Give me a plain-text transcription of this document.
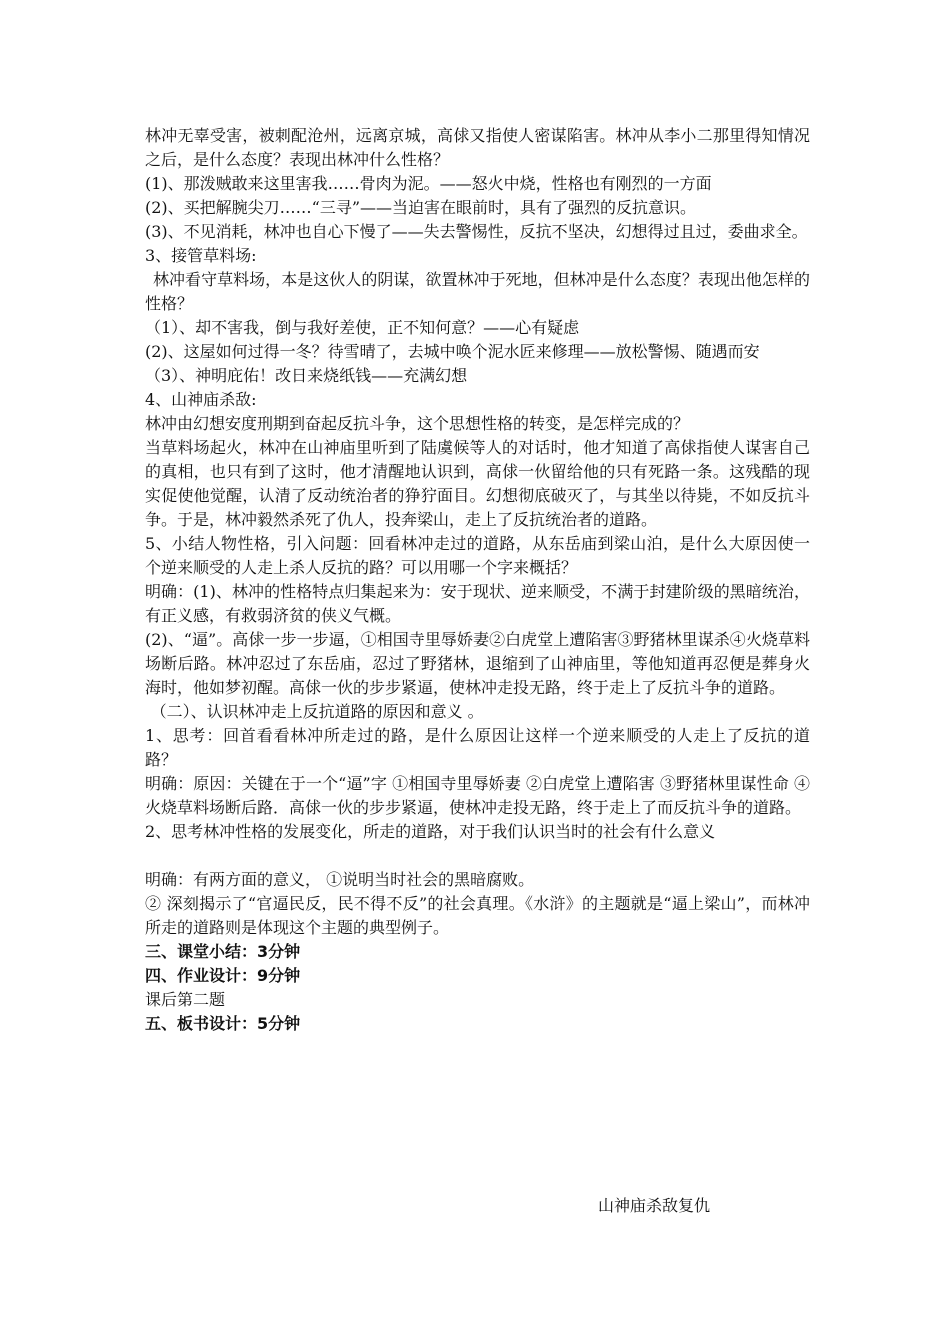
林冲无辜受害，被刺配沧州，远离京城，高俅又指使人密谋陷害。林冲从李小二那里得知情况之后，是什么态度？表现出林冲什么性格？

(1)、那泼贼敢来这里害我……骨肉为泥。——怒火中烧，性格也有刚烈的一方面

(2)、买把解腕尖刀……“三寻”——当迫害在眼前时，具有了强烈的反抗意识。

(3)、不见消耗，林冲也自心下慢了——失去警惕性，反抗不坚决，幻想得过且过，委曲求全。

3、接管草料场:

林冲看守草料场，本是这伙人的阴谋，欲置林冲于死地，但林冲是什么态度？表现出他怎样的性格？

（1）、却不害我，倒与我好差使，正不知何意？——心有疑虑

(2)、这屋如何过得一冬？待雪晴了，去城中唤个泥水匠来修理——放松警惕、随遇而安

（3）、神明庇佑！改日来烧纸钱——充满幻想

4、山神庙杀敌:

林冲由幻想安度刑期到奋起反抗斗争，这个思想性格的转变，是怎样完成的？

当草料场起火，林冲在山神庙里听到了陆虞候等人的对话时，他才知道了高俅指使人谋害自己的真相，也只有到了这时，他才清醒地认识到，高俅一伙留给他的只有死路一条。这残酷的现实促使他觉醒，认清了反动统治者的狰狞面目。幻想彻底破灭了，与其坐以待毙，不如反抗斗争。于是，林冲毅然杀死了仇人，投奔梁山，走上了反抗统治者的道路。

5、小结人物性格，引入问题：回看林冲走过的道路，从东岳庙到梁山泊，是什么大原因使一个逆来顺受的人走上杀人反抗的路？可以用哪一个字来概括？

明确：(1)、林冲的性格特点归集起来为：安于现状、逆来顺受，不满于封建阶级的黑暗统治，有正义感，有救弱济贫的侠义气概。

(2)、“逼”。高俅一步一步逼，①相国寺里辱娇妻②白虎堂上遭陷害③野猪林里谋杀④火烧草料场断后路。林冲忍过了东岳庙，忍过了野猪林，退缩到了山神庙里，等他知道再忍便是葬身火海时，他如梦初醒。高俅一伙的步步紧逼，使林冲走投无路，终于走上了反抗斗争的道路。

（二）、认识林冲走上反抗道路的原因和意义 。

1、思考：回首看看林冲所走过的路，是什么原因让这样一个逆来顺受的人走上了反抗的道路？

明确：原因：关键在于一个“逼”字 ①相国寺里辱娇妻 ②白虎堂上遭陷害 ③野猪林里谋性命 ④火烧草料场断后路．高俅一伙的步步紧逼，使林冲走投无路，终于走上了而反抗斗争的道路。

2、思考林冲性格的发展变化，所走的道路，对于我们认识当时的社会有什么意义

明确：有两方面的意义， ①说明当时社会的黑暗腐败。

② 深刻揭示了“官逼民反，民不得不反”的社会真理。《水浒》的主题就是“逼上梁山”，而林冲所走的道路则是体现这个主题的典型例子。

三、课堂小结：3分钟

四、作业设计：9分钟

课后第二题

五、板书设计：5分钟

山神庙杀敌复仇
